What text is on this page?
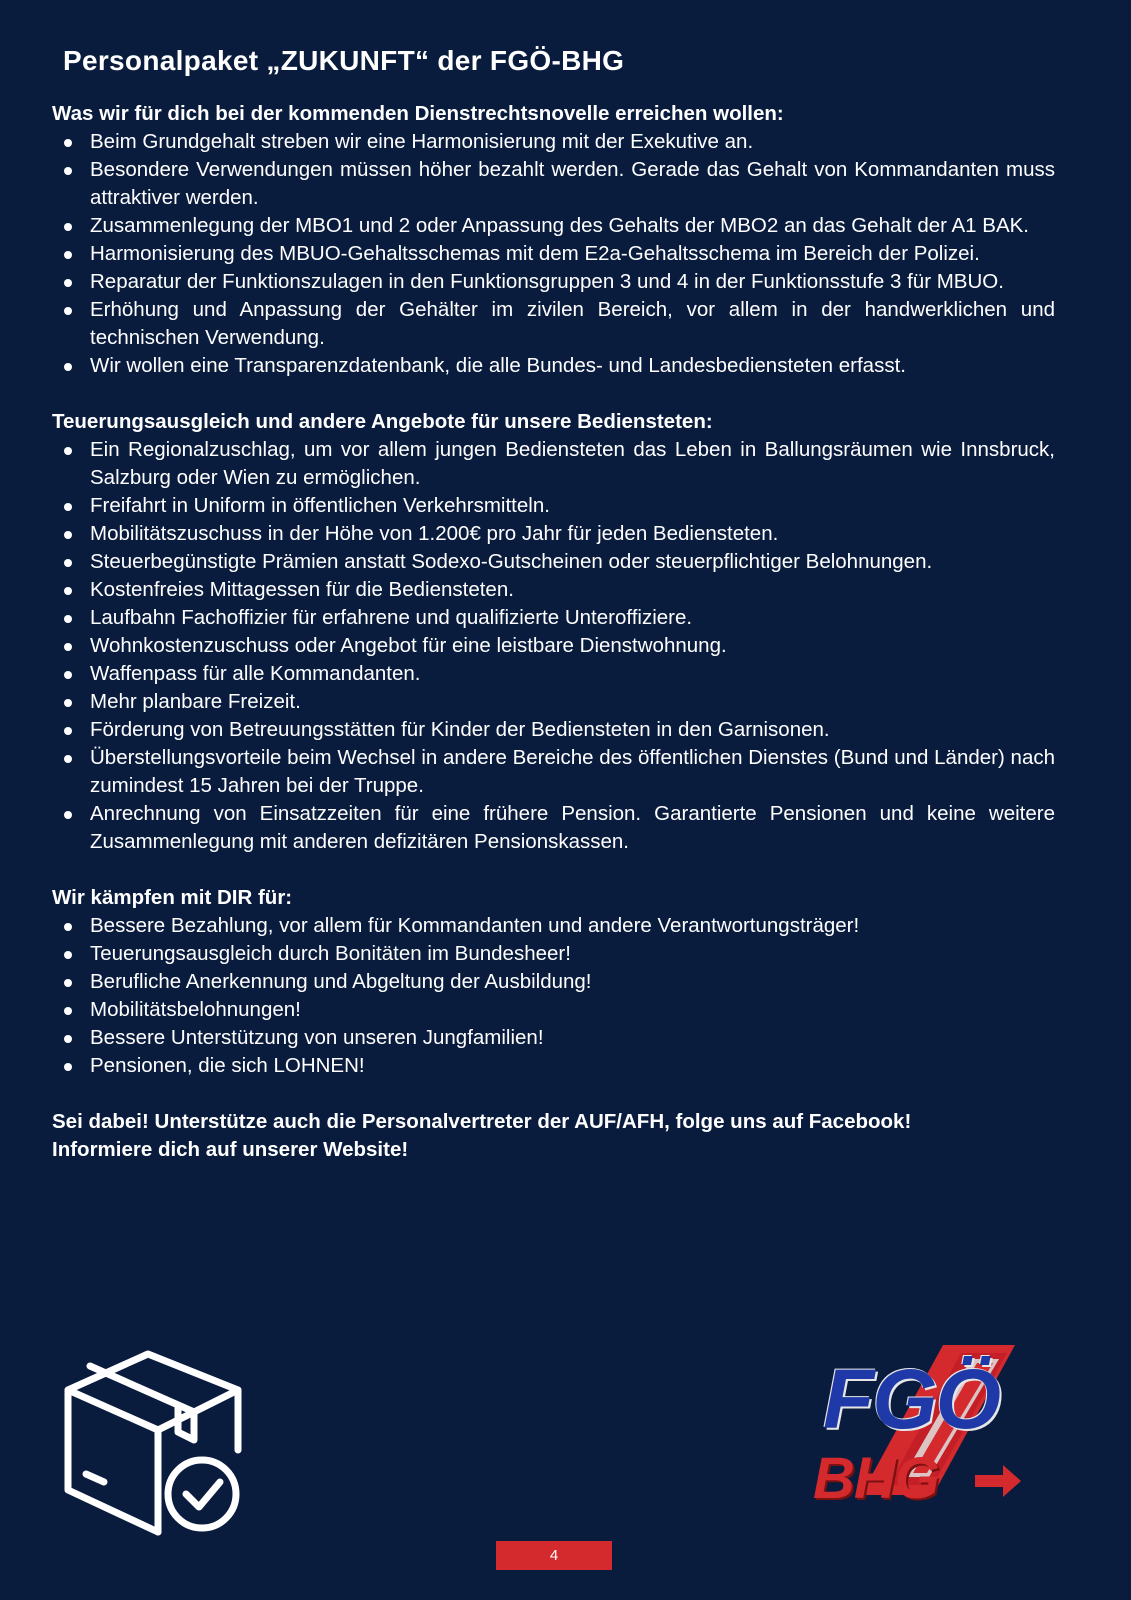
Personalpaket „ZUKUNFT“ der FGÖ-BHG
Was wir für dich bei der kommenden Dienstrechtsnovelle erreichen wollen:
Beim Grundgehalt streben wir eine Harmonisierung mit der Exekutive an.
Besondere Verwendungen müssen höher bezahlt werden. Gerade das Gehalt von Kommandanten muss attraktiver werden.
Zusammenlegung der MBO1 und 2 oder Anpassung des Gehalts der MBO2 an das Gehalt der A1 BAK.
Harmonisierung des MBUO-Gehaltsschemas mit dem E2a-Gehaltsschema im Bereich der Polizei.
Reparatur der Funktionszulagen in den Funktionsgruppen 3 und 4 in der Funktionsstufe 3 für MBUO.
Erhöhung und Anpassung der Gehälter im zivilen Bereich, vor allem in der handwerklichen und technischen Verwendung.
Wir wollen eine Transparenzdatenbank, die alle Bundes- und Landesbediensteten erfasst.
Teuerungsausgleich und andere Angebote für unsere Bediensteten:
Ein Regionalzuschlag, um vor allem jungen Bediensteten das Leben in Ballungsräumen wie Innsbruck, Salzburg oder Wien zu ermöglichen.
Freifahrt in Uniform in öffentlichen Verkehrsmitteln.
Mobilitätszuschuss in der Höhe von 1.200€ pro Jahr für jeden Bediensteten.
Steuerbegünstigte Prämien anstatt Sodexo-Gutscheinen oder steuerpflichtiger Belohnungen.
Kostenfreies Mittagessen für die Bediensteten.
Laufbahn Fachoffizier für erfahrene und qualifizierte Unteroffiziere.
Wohnkostenzuschuss oder Angebot für eine leistbare Dienstwohnung.
Waffenpass für alle Kommandanten.
Mehr planbare Freizeit.
Förderung von Betreuungsstätten für Kinder der Bediensteten in den Garnisonen.
Überstellungsvorteile beim Wechsel in andere Bereiche des öffentlichen Dienstes (Bund und Länder) nach zumindest 15 Jahren bei der Truppe.
Anrechnung von Einsatzzeiten für eine frühere Pension. Garantierte Pensionen und keine weitere Zusammenlegung mit anderen defizitären Pensionskassen.
Wir kämpfen mit DIR für:
Bessere Bezahlung, vor allem für Kommandanten und andere Verantwortungsträger!
Teuerungsausgleich durch Bonitäten im Bundesheer!
Berufliche Anerkennung und Abgeltung der Ausbildung!
Mobilitätsbelohnungen!
Bessere Unterstützung von unseren Jungfamilien!
Pensionen, die sich LOHNEN!
Sei dabei! Unterstütze auch die Personalvertreter der AUF/AFH, folge uns auf Facebook!
Informiere dich auf unserer Website!
FGÖ
BHG
4
